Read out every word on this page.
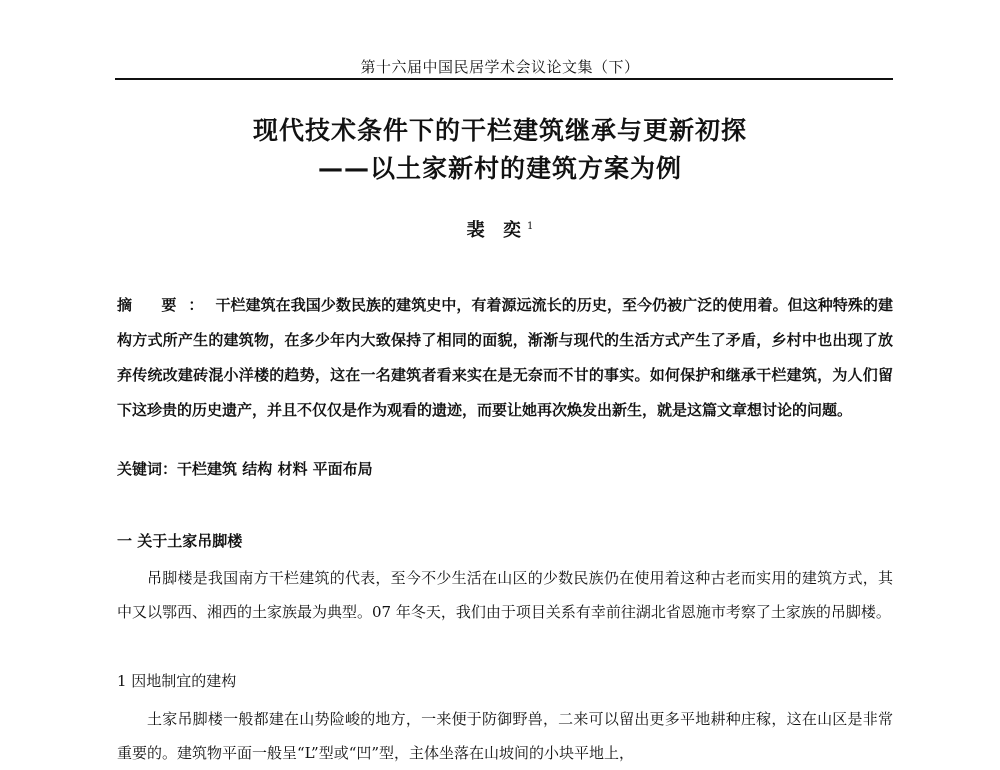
第十六届中国民居学术会议论文集（下）
现代技术条件下的干栏建筑继承与更新初探
——以土家新村的建筑方案为例
裴 奕$^1$
摘 要：干栏建筑在我国少数民族的建筑史中，有着源远流长的历史，至今仍被广泛的使用着。但这种特殊的建构方式所产生的建筑物，在多少年内大致保持了相同的面貌，渐渐与现代的生活方式产生了矛盾，乡村中也出现了放弃传统改建砖混小洋楼的趋势，这在一名建筑者看来实在是无奈而不甘的事实。如何保护和继承干栏建筑，为人们留下这珍贵的历史遗产，并且不仅仅是作为观看的遗迹，而要让她再次焕发出新生，就是这篇文章想讨论的问题。
关键词：干栏建筑 结构 材料 平面布局
一 关于土家吊脚楼
吊脚楼是我国南方干栏建筑的代表，至今不少生活在山区的少数民族仍在使用着这种古老而实用的建筑方式，其中又以鄂西、湘西的土家族最为典型。07 年冬天，我们由于项目关系有幸前往湖北省恩施市考察了土家族的吊脚楼。
1 因地制宜的建构
土家吊脚楼一般都建在山势险峻的地方，一来便于防御野兽，二来可以留出更多平地耕种庄稼，这在山区是非常重要的。建筑物平面一般呈“L”型或“凹”型，主体坐落在山坡间的小块平地上，
